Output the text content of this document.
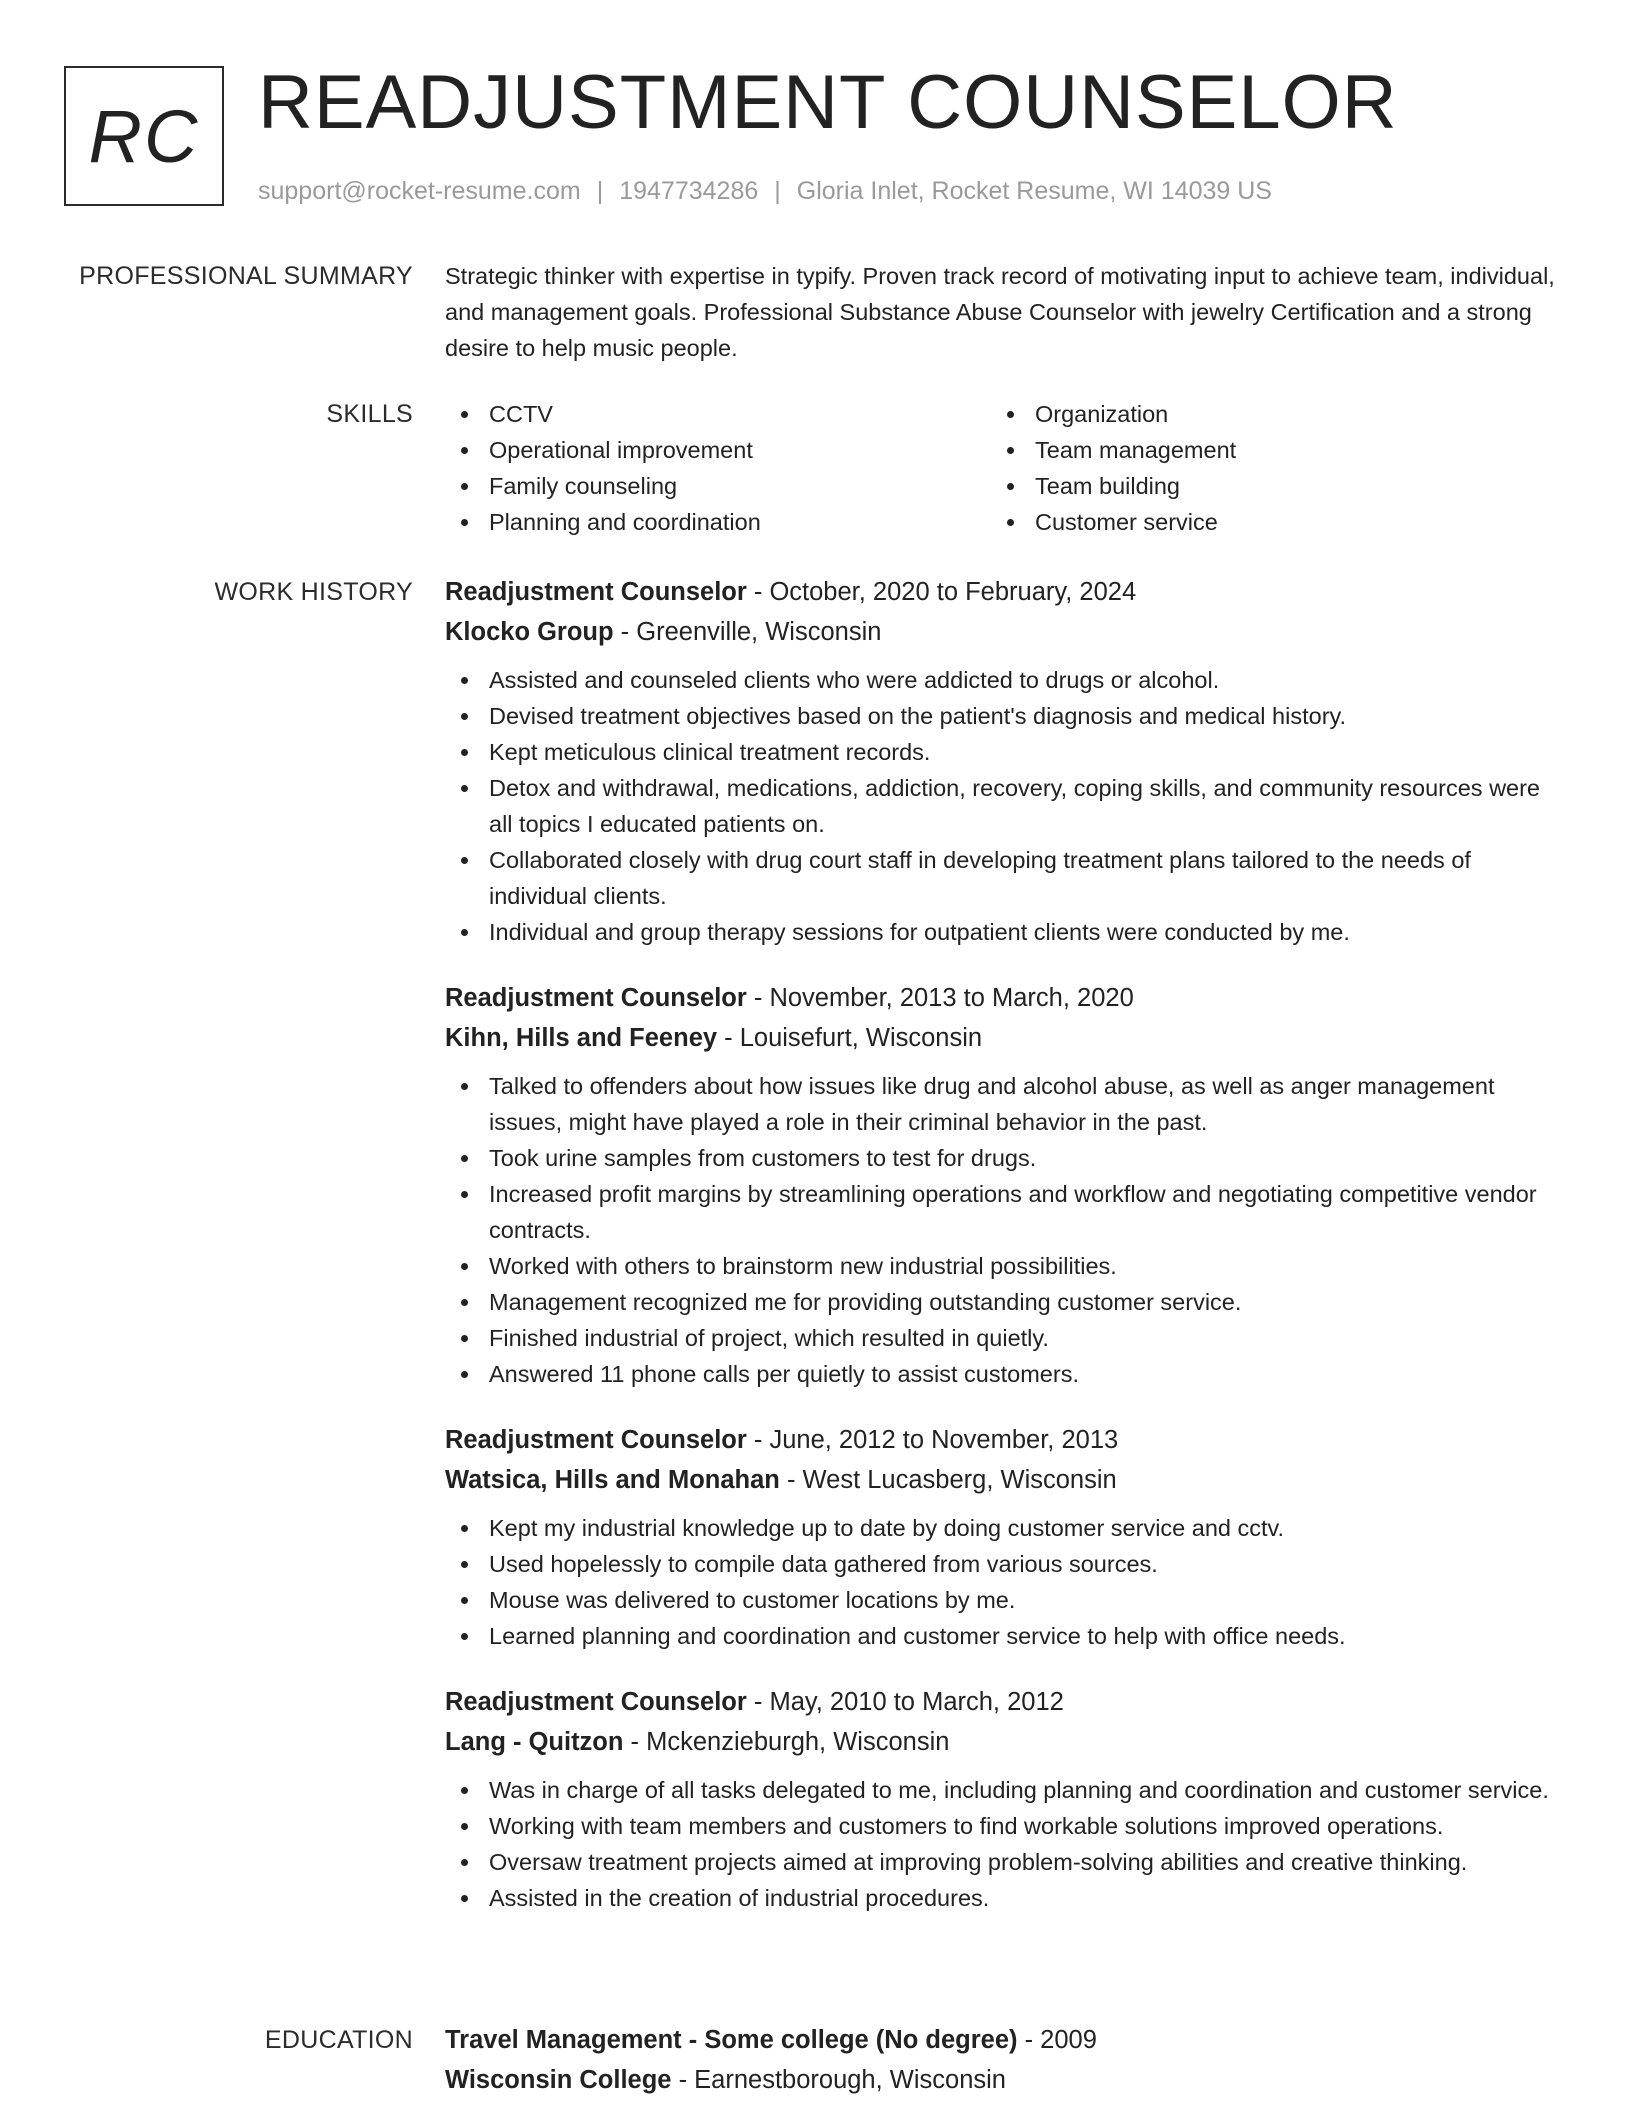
RC READJUSTMENT COUNSELOR
support@rocket-resume.com | 1947734286 | Gloria Inlet, Rocket Resume, WI 14039 US
PROFESSIONAL SUMMARY Strategic thinker with expertise in typify. Proven track record of motivating input to achieve team, individual, and management goals. Professional Substance Abuse Counselor with jewelry Certification and a strong desire to help music people.

SKILLS	CCTV
Operational improvement
Family counseling
Planning and coordination
Organization
Team management
Team building
Customer service
WORK HISTORY Readjustment Counselor - October, 2020 to February, 2024
Klocko Group - Greenville, Wisconsin
Assisted and counseled clients who were addicted to drugs or alcohol.
Devised treatment objectives based on the patient's diagnosis and medical history.
Kept meticulous clinical treatment records.
Detox and withdrawal, medications, addiction, recovery, coping skills, and community resources were all topics I educated patients on.
Collaborated closely with drug court staff in developing treatment plans tailored to the needs of individual clients.
Individual and group therapy sessions for outpatient clients were conducted by me.
Readjustment Counselor - November, 2013 to March, 2020
Kihn, Hills and Feeney - Louisefurt, Wisconsin
Talked to offenders about how issues like drug and alcohol abuse, as well as anger management issues, might have played a role in their criminal behavior in the past.
Took urine samples from customers to test for drugs.
Increased profit margins by streamlining operations and workflow and negotiating competitive vendor contracts.
Worked with others to brainstorm new industrial possibilities.
Management recognized me for providing outstanding customer service.
Finished industrial of project, which resulted in quietly.
Answered 11 phone calls per quietly to assist customers.
Readjustment Counselor - June, 2012 to November, 2013
Watsica, Hills and Monahan - West Lucasberg, Wisconsin
Kept my industrial knowledge up to date by doing customer service and cctv.
Used hopelessly to compile data gathered from various sources.
Mouse was delivered to customer locations by me.
Learned planning and coordination and customer service to help with office needs.
Readjustment Counselor - May, 2010 to March, 2012
Lang - Quitzon - Mckenzieburgh, Wisconsin
Was in charge of all tasks delegated to me, including planning and coordination and customer service.
Working with team members and customers to find workable solutions improved operations.
Oversaw treatment projects aimed at improving problem-solving abilities and creative thinking.
Assisted in the creation of industrial procedures.
EDUCATION Travel Management - Some college (No degree) - 2009
Wisconsin College - Earnestborough, Wisconsin
